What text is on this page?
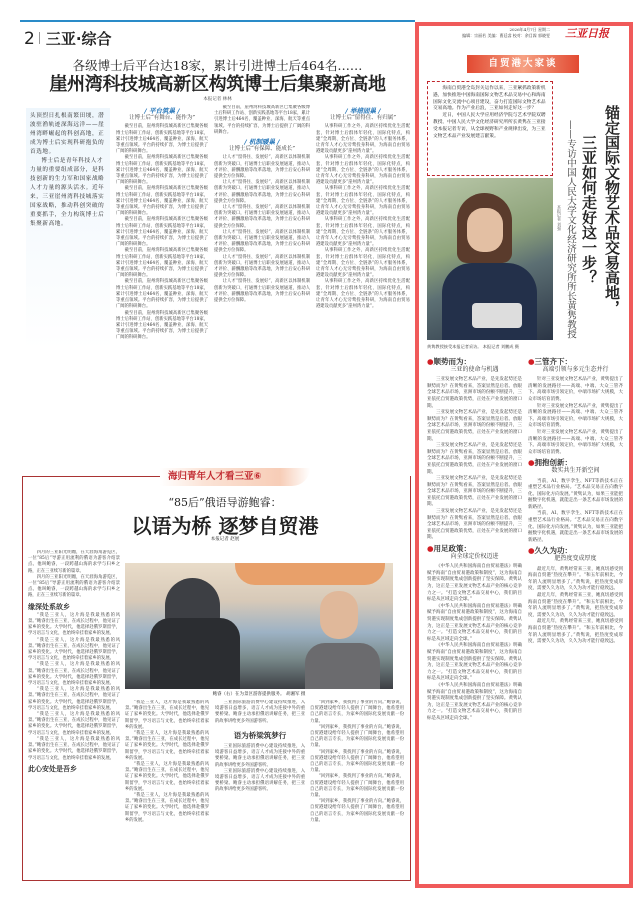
2 三亚·综合
各级博士后平台达18家，累计引进博士后464名……
崖州湾科技城高新区构筑博士后集聚新高地
本报记者 林林

头顶烈日扎根南繁田埂，潜波驻渔轨迹深海远洋——崖州湾畔崛起的科创高地，正成为博士后实现科研抱负的首选地。

博士后是青年科技人才力量的重要组成部分，是科技创新的生力军和国家战略人才力量的源头活水。近年来，三亚崖州湾科技城落实国家战略，推动科创突破的重要抓手，全力构筑博士后集聚新高地。

/ 平台筑巢 /
让博士后“有舞台、能作为”

截至目前，崖州湾科技城高新区已集聚各级博士后科研工作站、创新实践基地等平台18家，累计引进博士后464名，覆盖种业、深海、航天等重点领域。平台的持续扩容，为博士后提供了广阔的科研舞台。

截至目前，崖州湾科技城高新区已集聚各级博士后科研工作站、创新实践基地等平台18家，累计引进博士后464名，覆盖种业、深海、航天等重点领域。平台的持续扩容，为博士后提供了广阔的科研舞台。

截至目前，崖州湾科技城高新区已集聚各级博士后科研工作站、创新实践基地等平台18家，累计引进博士后464名，覆盖种业、深海、航天等重点领域。平台的持续扩容，为博士后提供了广阔的科研舞台。

截至目前，崖州湾科技城高新区已集聚各级博士后科研工作站、创新实践基地等平台18家，累计引进博士后464名，覆盖种业、深海、航天等重点领域。平台的持续扩容，为博士后提供了广阔的科研舞台。

截至目前，崖州湾科技城高新区已集聚各级博士后科研工作站、创新实践基地等平台18家，累计引进博士后464名，覆盖种业、深海、航天等重点领域。平台的持续扩容，为博士后提供了广阔的科研舞台。

截至目前，崖州湾科技城高新区已集聚各级博士后科研工作站、创新实践基地等平台18家，累计引进博士后464名，覆盖种业、深海、航天等重点领域。平台的持续扩容，为博士后提供了广阔的科研舞台。

截至目前，崖州湾科技城高新区已集聚各级博士后科研工作站、创新实践基地等平台18家，累计引进博士后464名，覆盖种业、深海、航天等重点领域。平台的持续扩容，为博士后提供了广阔的科研舞台。

截至目前，崖州湾科技城高新区已集聚各级博士后科研工作站、创新实践基地等平台18家，累计引进博士后464名，覆盖种业、深海、航天等重点领域。平台的持续扩容，为博士后提供了广阔的科研舞台。

/ 机制暖巢 /
让博士后“有保障、能成长”

让人才“留得住、发展好”，高新区以体制机制创新为突破口，打通博士后职业发展通道，推动人才评价、薪酬激励等改革落地，为博士后安心科研提供全方位保障。

让人才“留得住、发展好”，高新区以体制机制创新为突破口，打通博士后职业发展通道，推动人才评价、薪酬激励等改革落地，为博士后安心科研提供全方位保障。

让人才“留得住、发展好”，高新区以体制机制创新为突破口，打通博士后职业发展通道，推动人才评价、薪酬激励等改革落地，为博士后安心科研提供全方位保障。

让人才“留得住、发展好”，高新区以体制机制创新为突破口，打通博士后职业发展通道，推动人才评价、薪酬激励等改革落地，为博士后安心科研提供全方位保障。

让人才“留得住、发展好”，高新区以体制机制创新为突破口，打通博士后职业发展通道，推动人才评价、薪酬激励等改革落地，为博士后安心科研提供全方位保障。

让人才“留得住、发展好”，高新区以体制机制创新为突破口，打通博士后职业发展通道，推动人才评价、薪酬激励等改革落地，为博士后安心科研提供全方位保障。

/ 举措固巢 /
让博士后“留得住、有归属”

从事科研工作之外，高新区持续优化生活配套，针对博士后群体年轻化、国际化特点，构建“全周期、全方位、全链条”的人才服务体系，让青年人才心无旁骛投身科研，为海南自由贸易港建设贡献更多“崖州湾力量”。

从事科研工作之外，高新区持续优化生活配套，针对博士后群体年轻化、国际化特点，构建“全周期、全方位、全链条”的人才服务体系，让青年人才心无旁骛投身科研，为海南自由贸易港建设贡献更多“崖州湾力量”。

从事科研工作之外，高新区持续优化生活配套，针对博士后群体年轻化、国际化特点，构建“全周期、全方位、全链条”的人才服务体系，让青年人才心无旁骛投身科研，为海南自由贸易港建设贡献更多“崖州湾力量”。

从事科研工作之外，高新区持续优化生活配套，针对博士后群体年轻化、国际化特点，构建“全周期、全方位、全链条”的人才服务体系，让青年人才心无旁骛投身科研，为海南自由贸易港建设贡献更多“崖州湾力量”。

从事科研工作之外，高新区持续优化生活配套，针对博士后群体年轻化、国际化特点，构建“全周期、全方位、全链条”的人才服务体系，让青年人才心无旁骛投身科研，为海南自由贸易港建设贡献更多“崖州湾力量”。

从事科研工作之外，高新区持续优化生活配套，针对博士后群体年轻化、国际化特点，构建“全周期、全方位、全链条”的人才服务体系，让青年人才心无旁骛投身科研，为海南自由贸易港建设贡献更多“崖州湾力量”。

海归青年人才看三亚⑥
“85后”俄语导游鲍睿：
以语为桥 逐梦自贸港
本报记者 赵展

四月的三亚阳光明媚，在天涯海角游览区，一位“85后”导游正用流利的俄语为游客介绍景点。他叫鲍睿，一段跨越山海的求学与归乡之路，正在三亚续写新的篇章。

四月的三亚阳光明媚，在天涯海角游览区，一位“85后”导游正用流利的俄语为游客介绍景点。他叫鲍睿，一段跨越山海的求学与归乡之路，正在三亚续写新的篇章。

缘深处系故乡

“我是三亚人，这片海是我最熟悉的风景。”鲍睿出生在三亚，在成长过程中，他见证了家乡的变化。大学时代，他选择赴俄罗斯留学，学习语言与文化，也始终牵挂着家乡的发展。

“我是三亚人，这片海是我最熟悉的风景。”鲍睿出生在三亚，在成长过程中，他见证了家乡的变化。大学时代，他选择赴俄罗斯留学，学习语言与文化，也始终牵挂着家乡的发展。

“我是三亚人，这片海是我最熟悉的风景。”鲍睿出生在三亚，在成长过程中，他见证了家乡的变化。大学时代，他选择赴俄罗斯留学，学习语言与文化，也始终牵挂着家乡的发展。

“我是三亚人，这片海是我最熟悉的风景。”鲍睿出生在三亚，在成长过程中，他见证了家乡的变化。大学时代，他选择赴俄罗斯留学，学习语言与文化，也始终牵挂着家乡的发展。

“我是三亚人，这片海是我最熟悉的风景。”鲍睿出生在三亚，在成长过程中，他见证了家乡的变化。大学时代，他选择赴俄罗斯留学，学习语言与文化，也始终牵挂着家乡的发展。

“我是三亚人，这片海是我最熟悉的风景。”鲍睿出生在三亚，在成长过程中，他见证了家乡的变化。大学时代，他选择赴俄罗斯留学，学习语言与文化，也始终牵挂着家乡的发展。

此心安处是吾乡
鲍睿（右）在为景区游客提供服务。 胡湘军 摄

“我是三亚人，这片海是我最熟悉的风景。”鲍睿出生在三亚，在成长过程中，他见证了家乡的变化。大学时代，他选择赴俄罗斯留学，学习语言与文化，也始终牵挂着家乡的发展。

“我是三亚人，这片海是我最熟悉的风景。”鲍睿出生在三亚，在成长过程中，他见证了家乡的变化。大学时代，他选择赴俄罗斯留学，学习语言与文化，也始终牵挂着家乡的发展。

“我是三亚人，这片海是我最熟悉的风景。”鲍睿出生在三亚，在成长过程中，他见证了家乡的变化。大学时代，他选择赴俄罗斯留学，学习语言与文化，也始终牵挂着家乡的发展。

“我是三亚人，这片海是我最熟悉的风景。”鲍睿出生在三亚，在成长过程中，他见证了家乡的变化。大学时代，他选择赴俄罗斯留学，学习语言与文化，也始终牵挂着家乡的发展。

三亚国际旅游消费中心建设持续推进，入境游客日益增多，语言人才成为连接中外的重要桥梁。鲍睿主动承担俄语讲解任务，把三亚的故事讲给更多外国游客听。

语为桥梁筑梦行

三亚国际旅游消费中心建设持续推进，入境游客日益增多，语言人才成为连接中外的重要桥梁。鲍睿主动承担俄语讲解任务，把三亚的故事讲给更多外国游客听。

三亚国际旅游消费中心建设持续推进，入境游客日益增多，语言人才成为连接中外的重要桥梁。鲍睿主动承担俄语讲解任务，把三亚的故事讲给更多外国游客听。

“回到家乡，我找到了事业的方向。”鲍睿说，自贸港建设给年轻人提供了广阔舞台，他希望用自己的语言专长，为家乡的国际化发展贡献一份力量。

“回到家乡，我找到了事业的方向。”鲍睿说，自贸港建设给年轻人提供了广阔舞台，他希望用自己的语言专长，为家乡的国际化发展贡献一份力量。

“回到家乡，我找到了事业的方向。”鲍睿说，自贸港建设给年轻人提供了广阔舞台，他希望用自己的语言专长，为家乡的国际化发展贡献一份力量。

“回到家乡，我找到了事业的方向。”鲍睿说，自贸港建设给年轻人提供了广阔舞台，他希望用自己的语言专长，为家乡的国际化发展贡献一份力量。

“回到家乡，我找到了事业的方向。”鲍睿说，自贸港建设给年轻人提供了广阔舞台，他希望用自己的语言专长，为家乡的国际化发展贡献一份力量。

2026年4月7日 星期二
编辑：宗丽若 美编：曹廷睿 校对：余目霖 郭晓雯 三亚日报
自贸港大家谈

海南自贸港全岛封关运作以来，三亚紧抓政策新机遇，加快推进中国海南国际文物艺术品交易中心和海南国际文化交流中心项目建设，奋力打造国际文物艺术品交易高地。作为产业后浪，三亚如何走好这一步？

近日，中国人民大学应用经济学院与艺术学院双聘教授、中国人民大学文化经济研究所所长黄隽在三亚接受本报记者专访，从全球视野和产业规律出发，为三亚文物艺术品产业发展建言献策。	锚定国际文物艺术品交易高地，
三亚如何走好这一步？
——专访中国人民大学文化经济研究所所长黄隽教授
本报记者 刘强
黄隽教授接受本报记者采访。 本报记者 刘鹏成 摄
●顺势而为：
三亚的使命与机遇

三亚发展文物艺术品产业，是先发起势还是顺势而为？在黄隽看来，答案显然是后者。放眼全球艺术品市场，亚洲市场的份额不断提升，三亚依托自贸港政策优势，正处在产业发展的窗口期。

三亚发展文物艺术品产业，是先发起势还是顺势而为？在黄隽看来，答案显然是后者。放眼全球艺术品市场，亚洲市场的份额不断提升，三亚依托自贸港政策优势，正处在产业发展的窗口期。

三亚发展文物艺术品产业，是先发起势还是顺势而为？在黄隽看来，答案显然是后者。放眼全球艺术品市场，亚洲市场的份额不断提升，三亚依托自贸港政策优势，正处在产业发展的窗口期。

三亚发展文物艺术品产业，是先发起势还是顺势而为？在黄隽看来，答案显然是后者。放眼全球艺术品市场，亚洲市场的份额不断提升，三亚依托自贸港政策优势，正处在产业发展的窗口期。

三亚发展文物艺术品产业，是先发起势还是顺势而为？在黄隽看来，答案显然是后者。放眼全球艺术品市场，亚洲市场的份额不断提升，三亚依托自贸港政策优势，正处在产业发展的窗口期。

●用足政策：
向全球定价权迈进

《中华人民共和国海南自由贸易港法》明确赋予海南“自由贸易港政策和制度”，这为海南自贸港实现制度集成创新提供了坚实保障。黄隽认为，这正是三亚发展文物艺术品产业的核心竞争力之一。“打造文物艺术品交易中心，我们的目标是从区域走向全球。”

《中华人民共和国海南自由贸易港法》明确赋予海南“自由贸易港政策和制度”，这为海南自贸港实现制度集成创新提供了坚实保障。黄隽认为，这正是三亚发展文物艺术品产业的核心竞争力之一。“打造文物艺术品交易中心，我们的目标是从区域走向全球。”

《中华人民共和国海南自由贸易港法》明确赋予海南“自由贸易港政策和制度”，这为海南自贸港实现制度集成创新提供了坚实保障。黄隽认为，这正是三亚发展文物艺术品产业的核心竞争力之一。“打造文物艺术品交易中心，我们的目标是从区域走向全球。”

《中华人民共和国海南自由贸易港法》明确赋予海南“自由贸易港政策和制度”，这为海南自贸港实现制度集成创新提供了坚实保障。黄隽认为，这正是三亚发展文物艺术品产业的核心竞争力之一。“打造文物艺术品交易中心，我们的目标是从区域走向全球。”

●三管齐下：
高端引领与多元生态并行

针对三亚发展文物艺术品产业，黄隽提出了清晰的发展路径——高端、中端、大众三管齐下。高端市场引领定价，中端市场扩大规模，大众市场培育消费。

针对三亚发展文物艺术品产业，黄隽提出了清晰的发展路径——高端、中端、大众三管齐下。高端市场引领定价，中端市场扩大规模，大众市场培育消费。

针对三亚发展文物艺术品产业，黄隽提出了清晰的发展路径——高端、中端、大众三管齐下。高端市场引领定价，中端市场扩大规模，大众市场培育消费。

●拥抱创新：
数实共生开新空间

当前，AI、数字孪生、NFT等新技术正在重塑艺术品行业格局。“艺术品交易正在向数字化、国际化方向发展。”黄隽认为，如果三亚能把握数字化机遇，就能走出一条艺术品市场发展的新路径。

当前，AI、数字孪生、NFT等新技术正在重塑艺术品行业格局。“艺术品交易正在向数字化、国际化方向发展。”黄隽认为，如果三亚能把握数字化机遇，就能走出一条艺术品市场发展的新路径。

●久久为功：
肥热度变成厚度

最近几年，黄隽经常来三亚，她真切感受到海南自贸港“热度在攀升”。“和五年前相比，今年的人流明显增多了。”黄隽说，把热度变成厚度，需要久久为功，久久为功才能行稳致远。

最近几年，黄隽经常来三亚，她真切感受到海南自贸港“热度在攀升”。“和五年前相比，今年的人流明显增多了。”黄隽说，把热度变成厚度，需要久久为功，久久为功才能行稳致远。

最近几年，黄隽经常来三亚，她真切感受到海南自贸港“热度在攀升”。“和五年前相比，今年的人流明显增多了。”黄隽说，把热度变成厚度，需要久久为功，久久为功才能行稳致远。
